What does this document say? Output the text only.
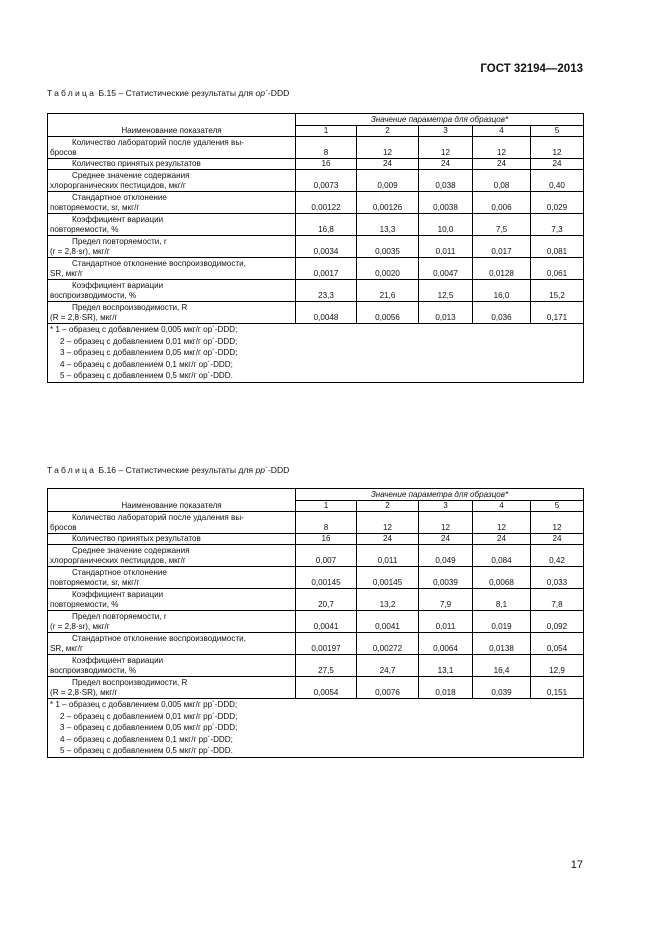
ГОСТ 32194—2013
Таблица Б.15 – Статистические результаты для op´-DDD
Наименование показателя	Значение параметра для образцов*				
	1	2	3	4	5

Количество лабораторий после удаления вы-
бросов	8	12	12	12	12

Количество принятых результатов	16	24	24	24	24

Среднее значение содержания
хлорорганических пестицидов, мкг/г	0,0073	0,009	0,038	0,08	0,40

Стандартное отклонение
повторяемости, sr, мкг/г	0,00122	0,00126	0,0038	0,006	0,029

Коэффициент вариации
повторяемости, %	16,8	13,3	10,0	7,5	7,3

Предел повторяемости, r
(r = 2,8·sr), мкг/г	0,0034	0,0035	0,011	0,017	0,081

Стандартное отклонение воспроизводимости,
SR, мкг/г	0,0017	0,0020	0,0047	0,0128	0,061

Коэффициент вариации
воспроизводимости, %	23,3	21,6	12,5	16,0	15,2

Предел воспроизводимости, R
(R = 2,8·SR), мкг/г	0,0048	0,0056	0,013	0,036	0,171

* 1 – образец с добавлением 0,005 мкг/г op´-DDD;
2 – образец с добавлением 0,01 мкг/г op´-DDD;
3 – образец с добавлением 0,05 мкг/г op´-DDD;
4 – образец с добавлением 0,1 мкг/г op´-DDD;
5 – образец с добавлением 0,5 мкг/г op´-DDD.					
Таблица Б.16 – Статистические результаты для pp´-DDD
Наименование показателя	Значение параметра для образцов*				
	1	2	3	4	5

Количество лабораторий после удаления вы-
бросов	8	12	12	12	12

Количество принятых результатов	16	24	24	24	24

Среднее значение содержания
хлорорганических пестицидов, мкг/г	0,007	0,011	0,049	0,084	0,42

Стандартное отклонение
повторяемости, sr, мкг/г	0,00145	0,00145	0,0039	0,0068	0,033

Коэффициент вариации
повторяемости, %	20,7	13,2	7,9	8,1	7,8

Предел повторяемости, r
(r = 2,8·sr), мкг/г	0,0041	0,0041	0,011	0,019	0,092

Стандартное отклонение воспроизводимости,
SR, мкг/г	0,00197	0,00272	0,0064	0,0138	0,054

Коэффициент вариации
воспроизводимости, %	27,5	24,7	13,1	16,4	12,9

Предел воспроизводимости, R
(R = 2,8·SR), мкг/г	0,0054	0,0076	0,018	0,039	0,151

* 1 – образец с добавлением 0,005 мкг/г pp´-DDD;
2 – образец с добавлением 0,01 мкг/г pp´-DDD;
3 – образец с добавлением 0,05 мкг/г pp´-DDD;
4 – образец с добавлением 0,1 мкг/г pp´-DDD;
5 – образец с добавлением 0,5 мкг/г pp´-DDD.					
17
